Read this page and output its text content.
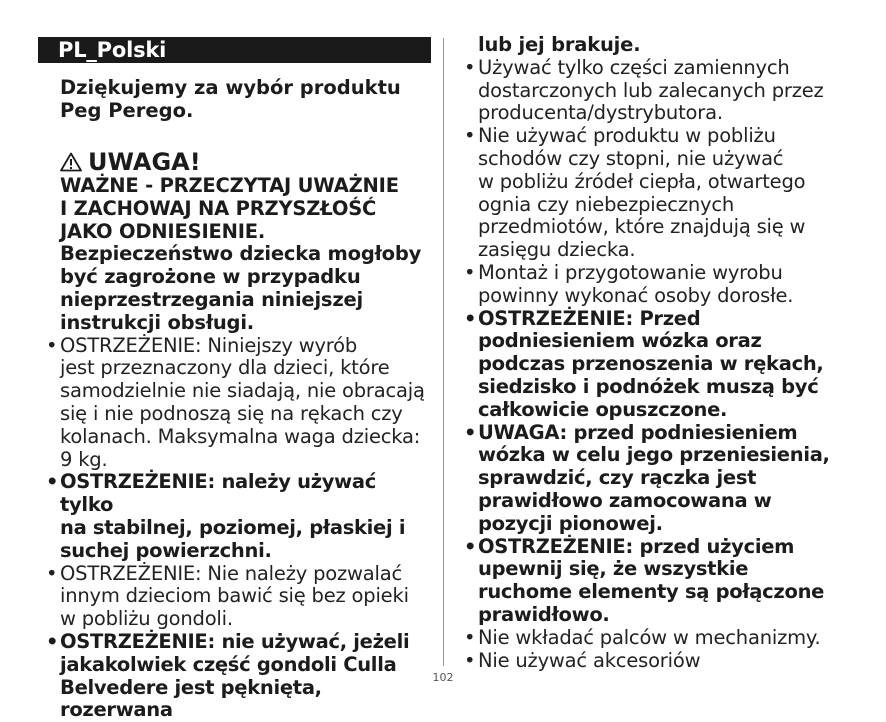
PL_Polski
Dziękujemy za wybór produktu
Peg Perego.
UWAGA!
WAŻNE - PRZECZYTAJ UWAŻNIE
I ZACHOWAJ NA PRZYSZŁOŚĆ
JAKO ODNIESIENIE.
Bezpieczeństwo dziecka mogłoby
być zagrożone w przypadku
nieprzestrzegania niniejszej
instrukcji obsługi.
• OSTRZEŻENIE: Niniejszy wyrób
jest przeznaczony dla dzieci, które
samodzielnie nie siadają, nie obracają
się i nie podnoszą się na rękach czy
kolanach. Maksymalna waga dziecka:
9 kg.
• OSTRZEŻENIE: należy używać tylko
na stabilnej, poziomej, płaskiej i
suchej powierzchni.
• OSTRZEŻENIE: Nie należy pozwalać
innym dzieciom bawić się bez opieki
w pobliżu gondoli.
• OSTRZEŻENIE: nie używać, jeżeli
jakakolwiek część gondoli Culla
Belvedere jest pęknięta, rozerwana
lub jej brakuje.
• Używać tylko części zamiennych
dostarczonych lub zalecanych przez
producenta/dystrybutora.
• Nie używać produktu w pobliżu
schodów czy stopni, nie używać
w pobliżu źródeł ciepła, otwartego
ognia czy niebezpiecznych
przedmiotów, które znajdują się w
zasięgu dziecka.
• Montaż i przygotowanie wyrobu
powinny wykonać osoby dorosłe.
• OSTRZEŻENIE: Przed
podniesieniem wózka oraz
podczas przenoszenia w rękach,
siedzisko i podnóżek muszą być
całkowicie opuszczone.
• UWAGA: przed podniesieniem
wózka w celu jego przeniesienia,
sprawdzić, czy rączka jest
prawidłowo zamocowana w
pozycji pionowej.
• OSTRZEŻENIE: przed użyciem
upewnij się, że wszystkie
ruchome elementy są połączone
prawidłowo.
• Nie wkładać palców w mechanizmy.
• Nie używać akcesoriów
102
